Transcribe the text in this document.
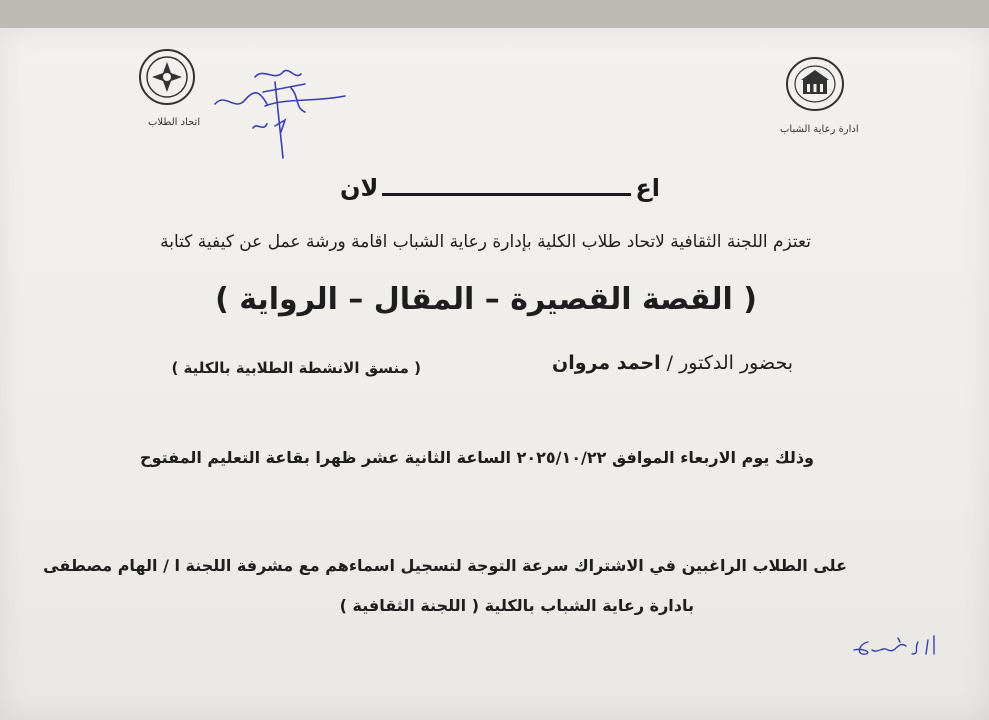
اتحاد الطلاب
ادارة رعاية الشباب
اع
لان
تعتزم اللجنة الثقافية لاتحاد طلاب الكلية بإدارة رعاية الشباب اقامة ورشة عمل عن كيفية كتابة
( القصة القصيرة – المقال – الرواية )
بحضور الدكتور / احمد مروان
( منسق الانشطة الطلابية بالكلية )
وذلك يوم الاربعاء الموافق ٢٠٢٥/١٠/٢٢ الساعة الثانية عشر ظهرا بقاعة التعليم المفتوح
على الطلاب الراغبين في الاشتراك سرعة التوجة لتسجيل اسماءهم مع مشرفة اللجنة ا / الهام مصطفى
بادارة رعاية الشباب بالكلية ( اللجنة الثقافية )
